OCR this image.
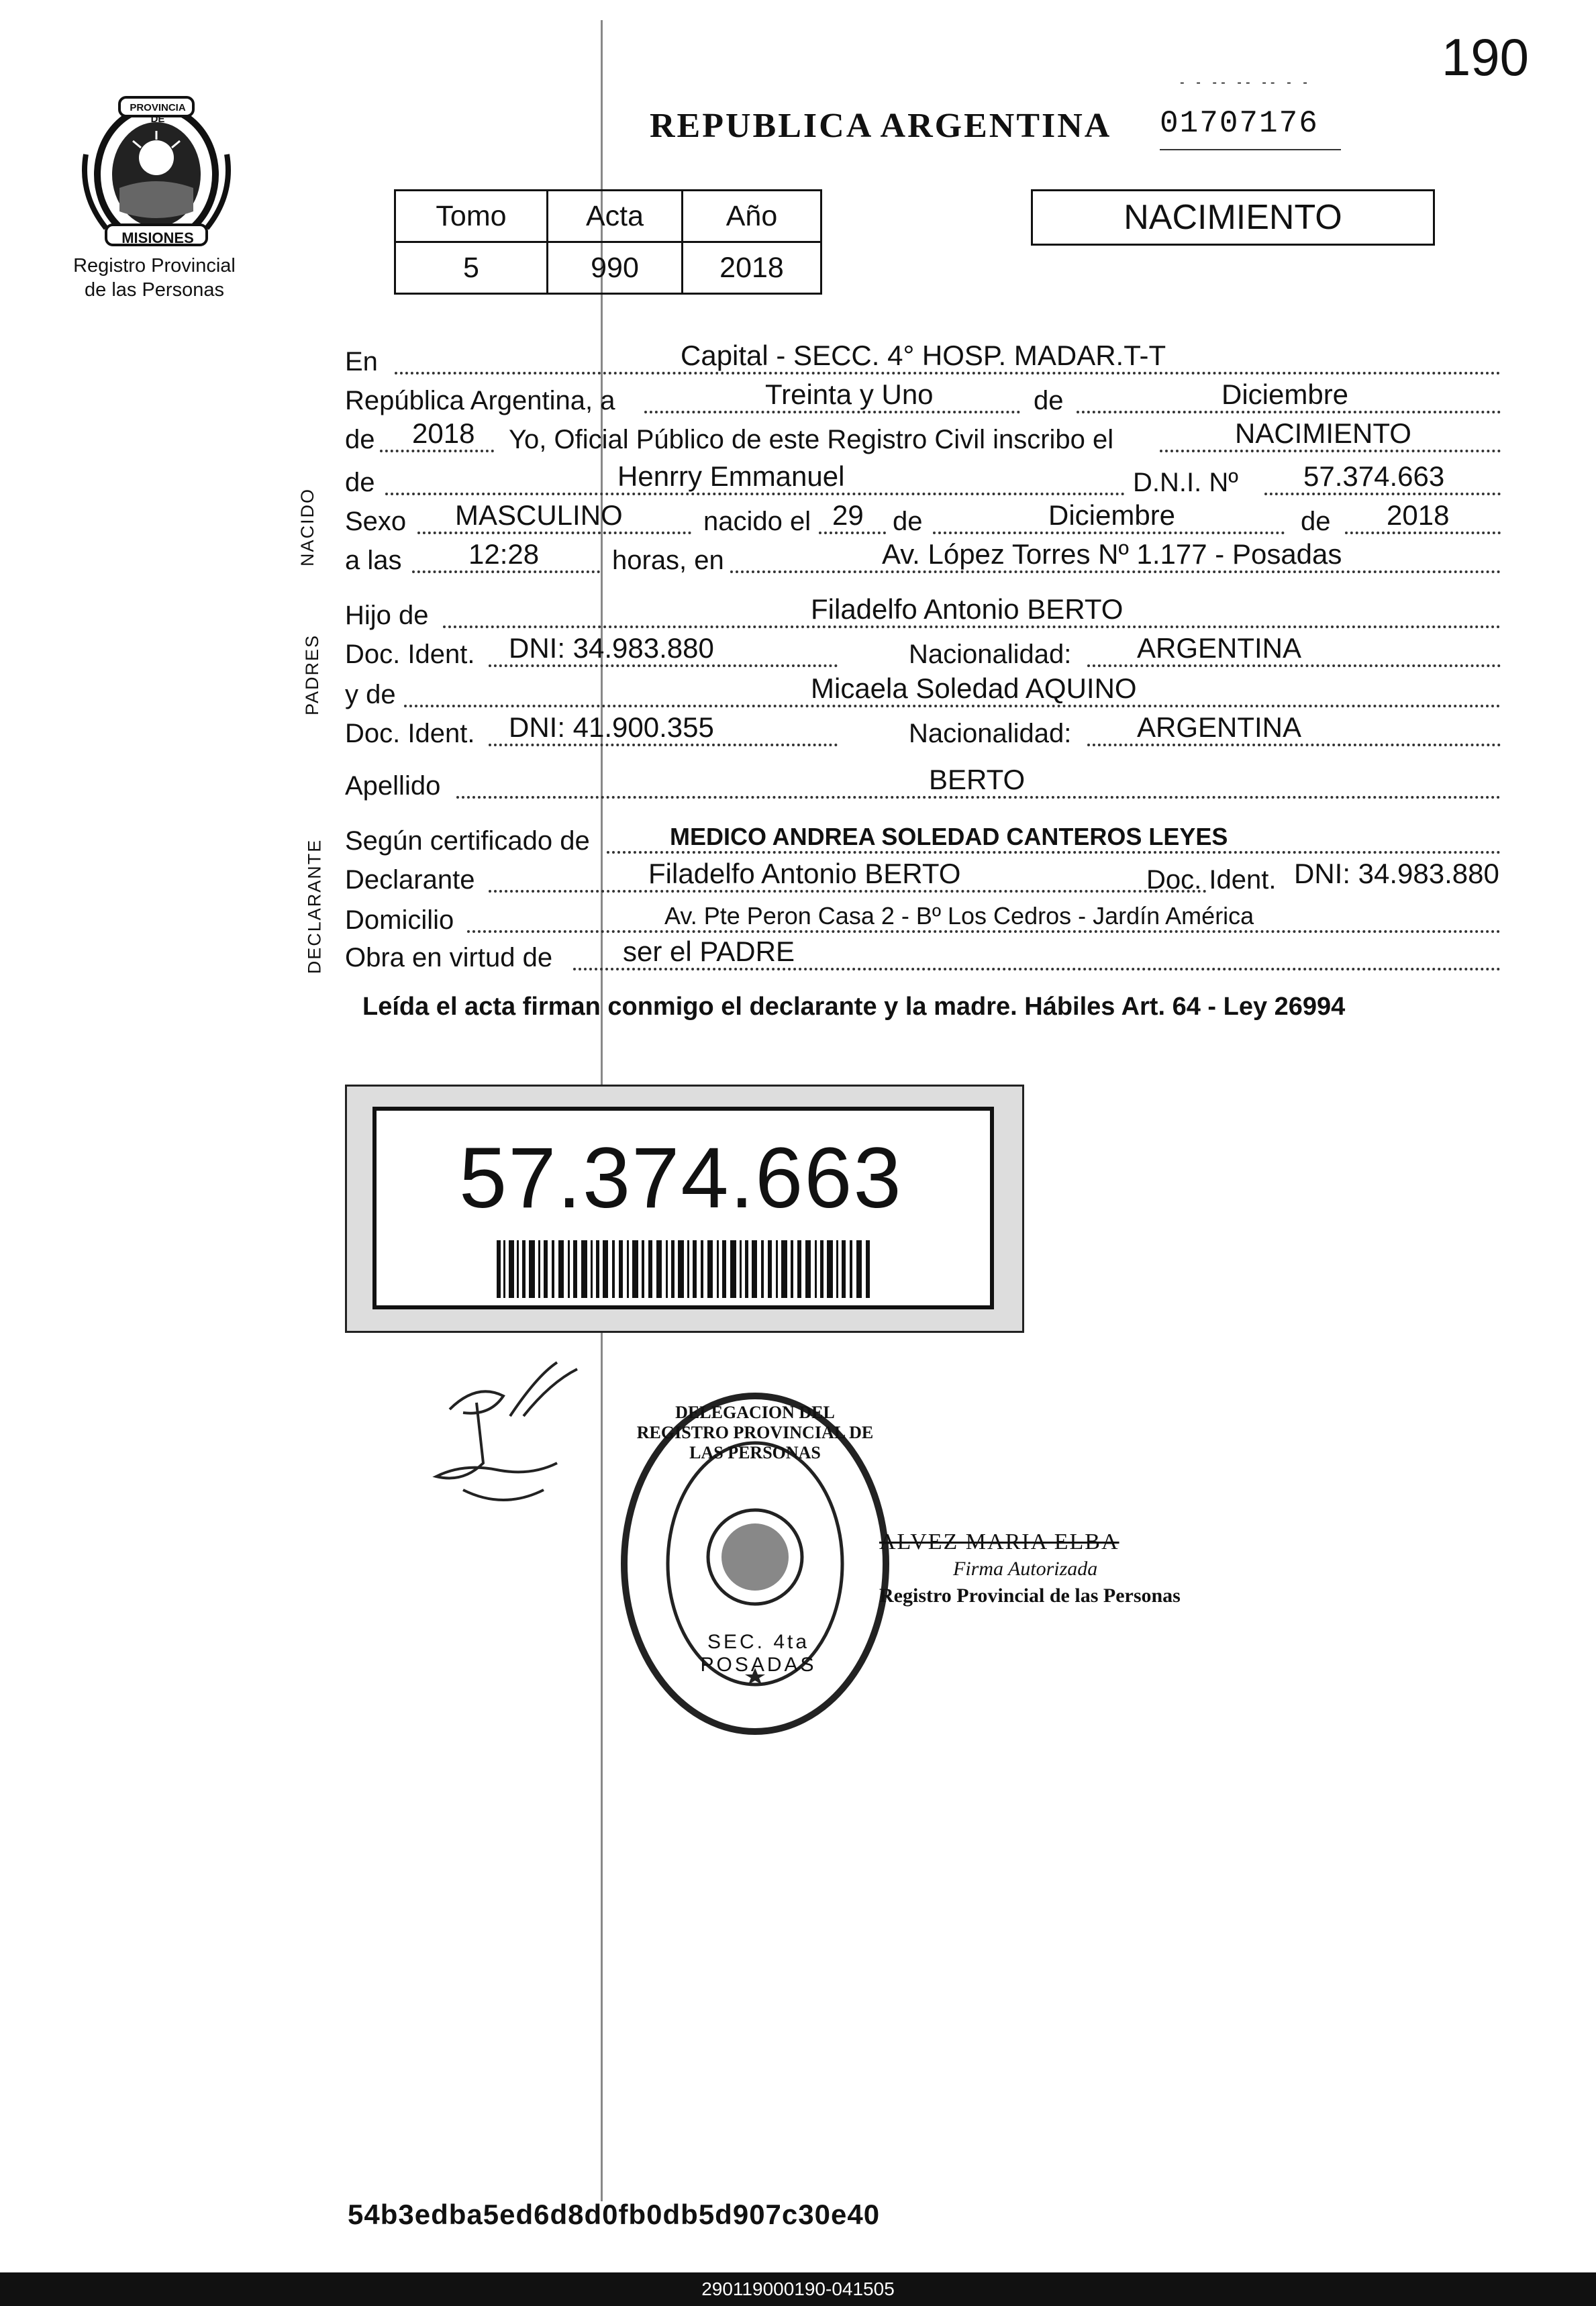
190
PROVINCIA DE
MISIONES
Registro Provincial
de las Personas
REPUBLICA ARGENTINA
- - -- -- -- - -
01707176
Tomo	Acta	Año
5	990	2018
NACIMIENTO
NACIDO
PADRES
DECLARANTE
En	Capital - SECC. 4° HOSP. MADAR.T-T
República Argentina, a	Treinta y Uno	de	Diciembre
de 2018 Yo, Oficial Público de este Registro Civil inscribo el	NACIMIENTO
de	Henrry Emmanuel	D.N.I. Nº 57.374.663
Sexo MASCULINO	nacido el 29 de	Diciembre	de 2018
a las 12:28	horas, en	Av. López Torres Nº 1.177 - Posadas
Hijo de	Filadelfo Antonio BERTO
Doc. Ident. DNI: 34.983.880	Nacionalidad: ARGENTINA
y de	Micaela Soledad AQUINO
Doc. Ident. DNI: 41.900.355	Nacionalidad: ARGENTINA
Apellido	BERTO
Según certificado de	MEDICO ANDREA SOLEDAD CANTEROS LEYES
Declarante	Filadelfo Antonio BERTO	Doc. Ident. DNI: 34.983.880
Domicilio	Av. Pte Peron Casa 2 - Bº Los Cedros - Jardín América
Obra en virtud de ser el PADRE
Leída el acta firman conmigo el declarante y la madre. Hábiles Art. 64 - Ley 26994
57.374.663
DELEGACION DEL REGISTRO PROVINCIAL DE LAS PERSONAS
SEC. 4ta POSADAS
ALVEZ MARIA ELBA
Firma Autorizada
Registro Provincial de las Personas
54b3edba5ed6d8d0fb0db5d907c30e40
290119000190-041505
